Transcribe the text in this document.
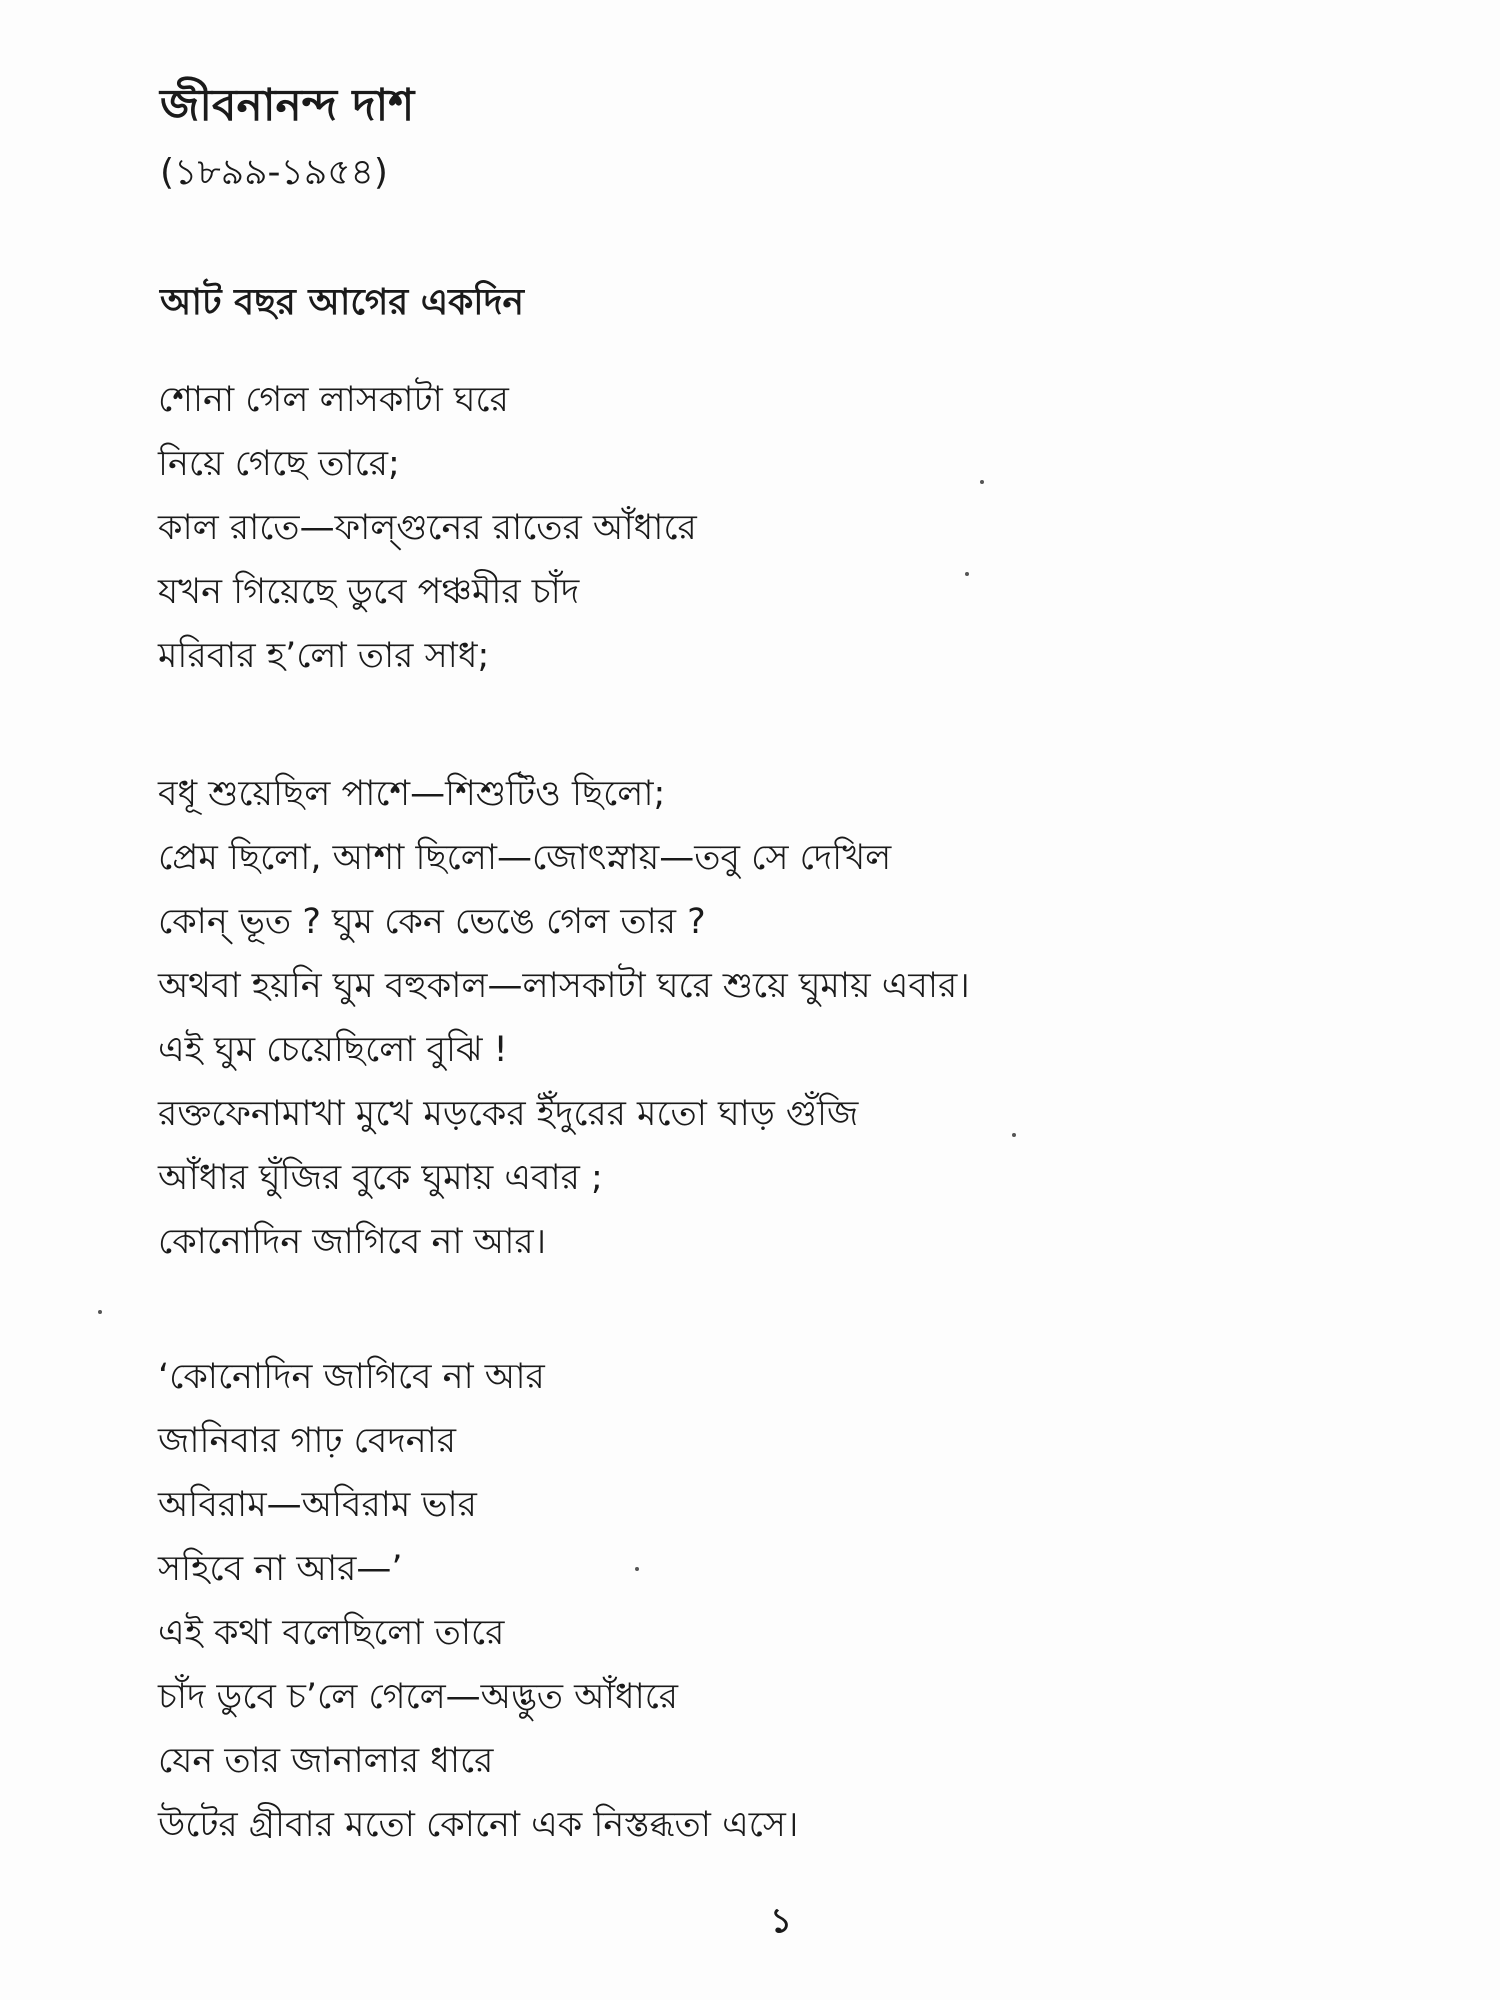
জীবনানন্দ দাশ
(১৮৯৯-১৯৫৪)
আট বছর আগের একদিন
শোনা গেল লাসকাটা ঘরে
নিয়ে গেছে তারে;
কাল রাতে—ফাল্গুনের রাতের আঁধারে
যখন গিয়েছে ডুবে পঞ্চমীর চাঁদ
মরিবার হ’লো তার সাধ;
বধূ শুয়েছিল পাশে—শিশুটিও ছিলো;
প্রেম ছিলো, আশা ছিলো—জোৎস্নায়—তবু সে দেখিল
কোন্ ভূত ? ঘুম কেন ভেঙে গেল তার ?
অথবা হয়নি ঘুম বহুকাল—লাসকাটা ঘরে শুয়ে ঘুমায় এবার।
এই ঘুম চেয়েছিলো বুঝি !
রক্তফেনামাখা মুখে মড়কের ইঁদুরের মতো ঘাড় গুঁজি
আঁধার ঘুঁজির বুকে ঘুমায় এবার ;
কোনোদিন জাগিবে না আর।
‘কোনোদিন জাগিবে না আর
জানিবার গাঢ় বেদনার
অবিরাম—অবিরাম ভার
সহিবে না আর—’
এই কথা বলেছিলো তারে
চাঁদ ডুবে চ’লে গেলে—অদ্ভুত আঁধারে
যেন তার জানালার ধারে
উটের গ্রীবার মতো কোনো এক নিস্তব্ধতা এসে।
১
